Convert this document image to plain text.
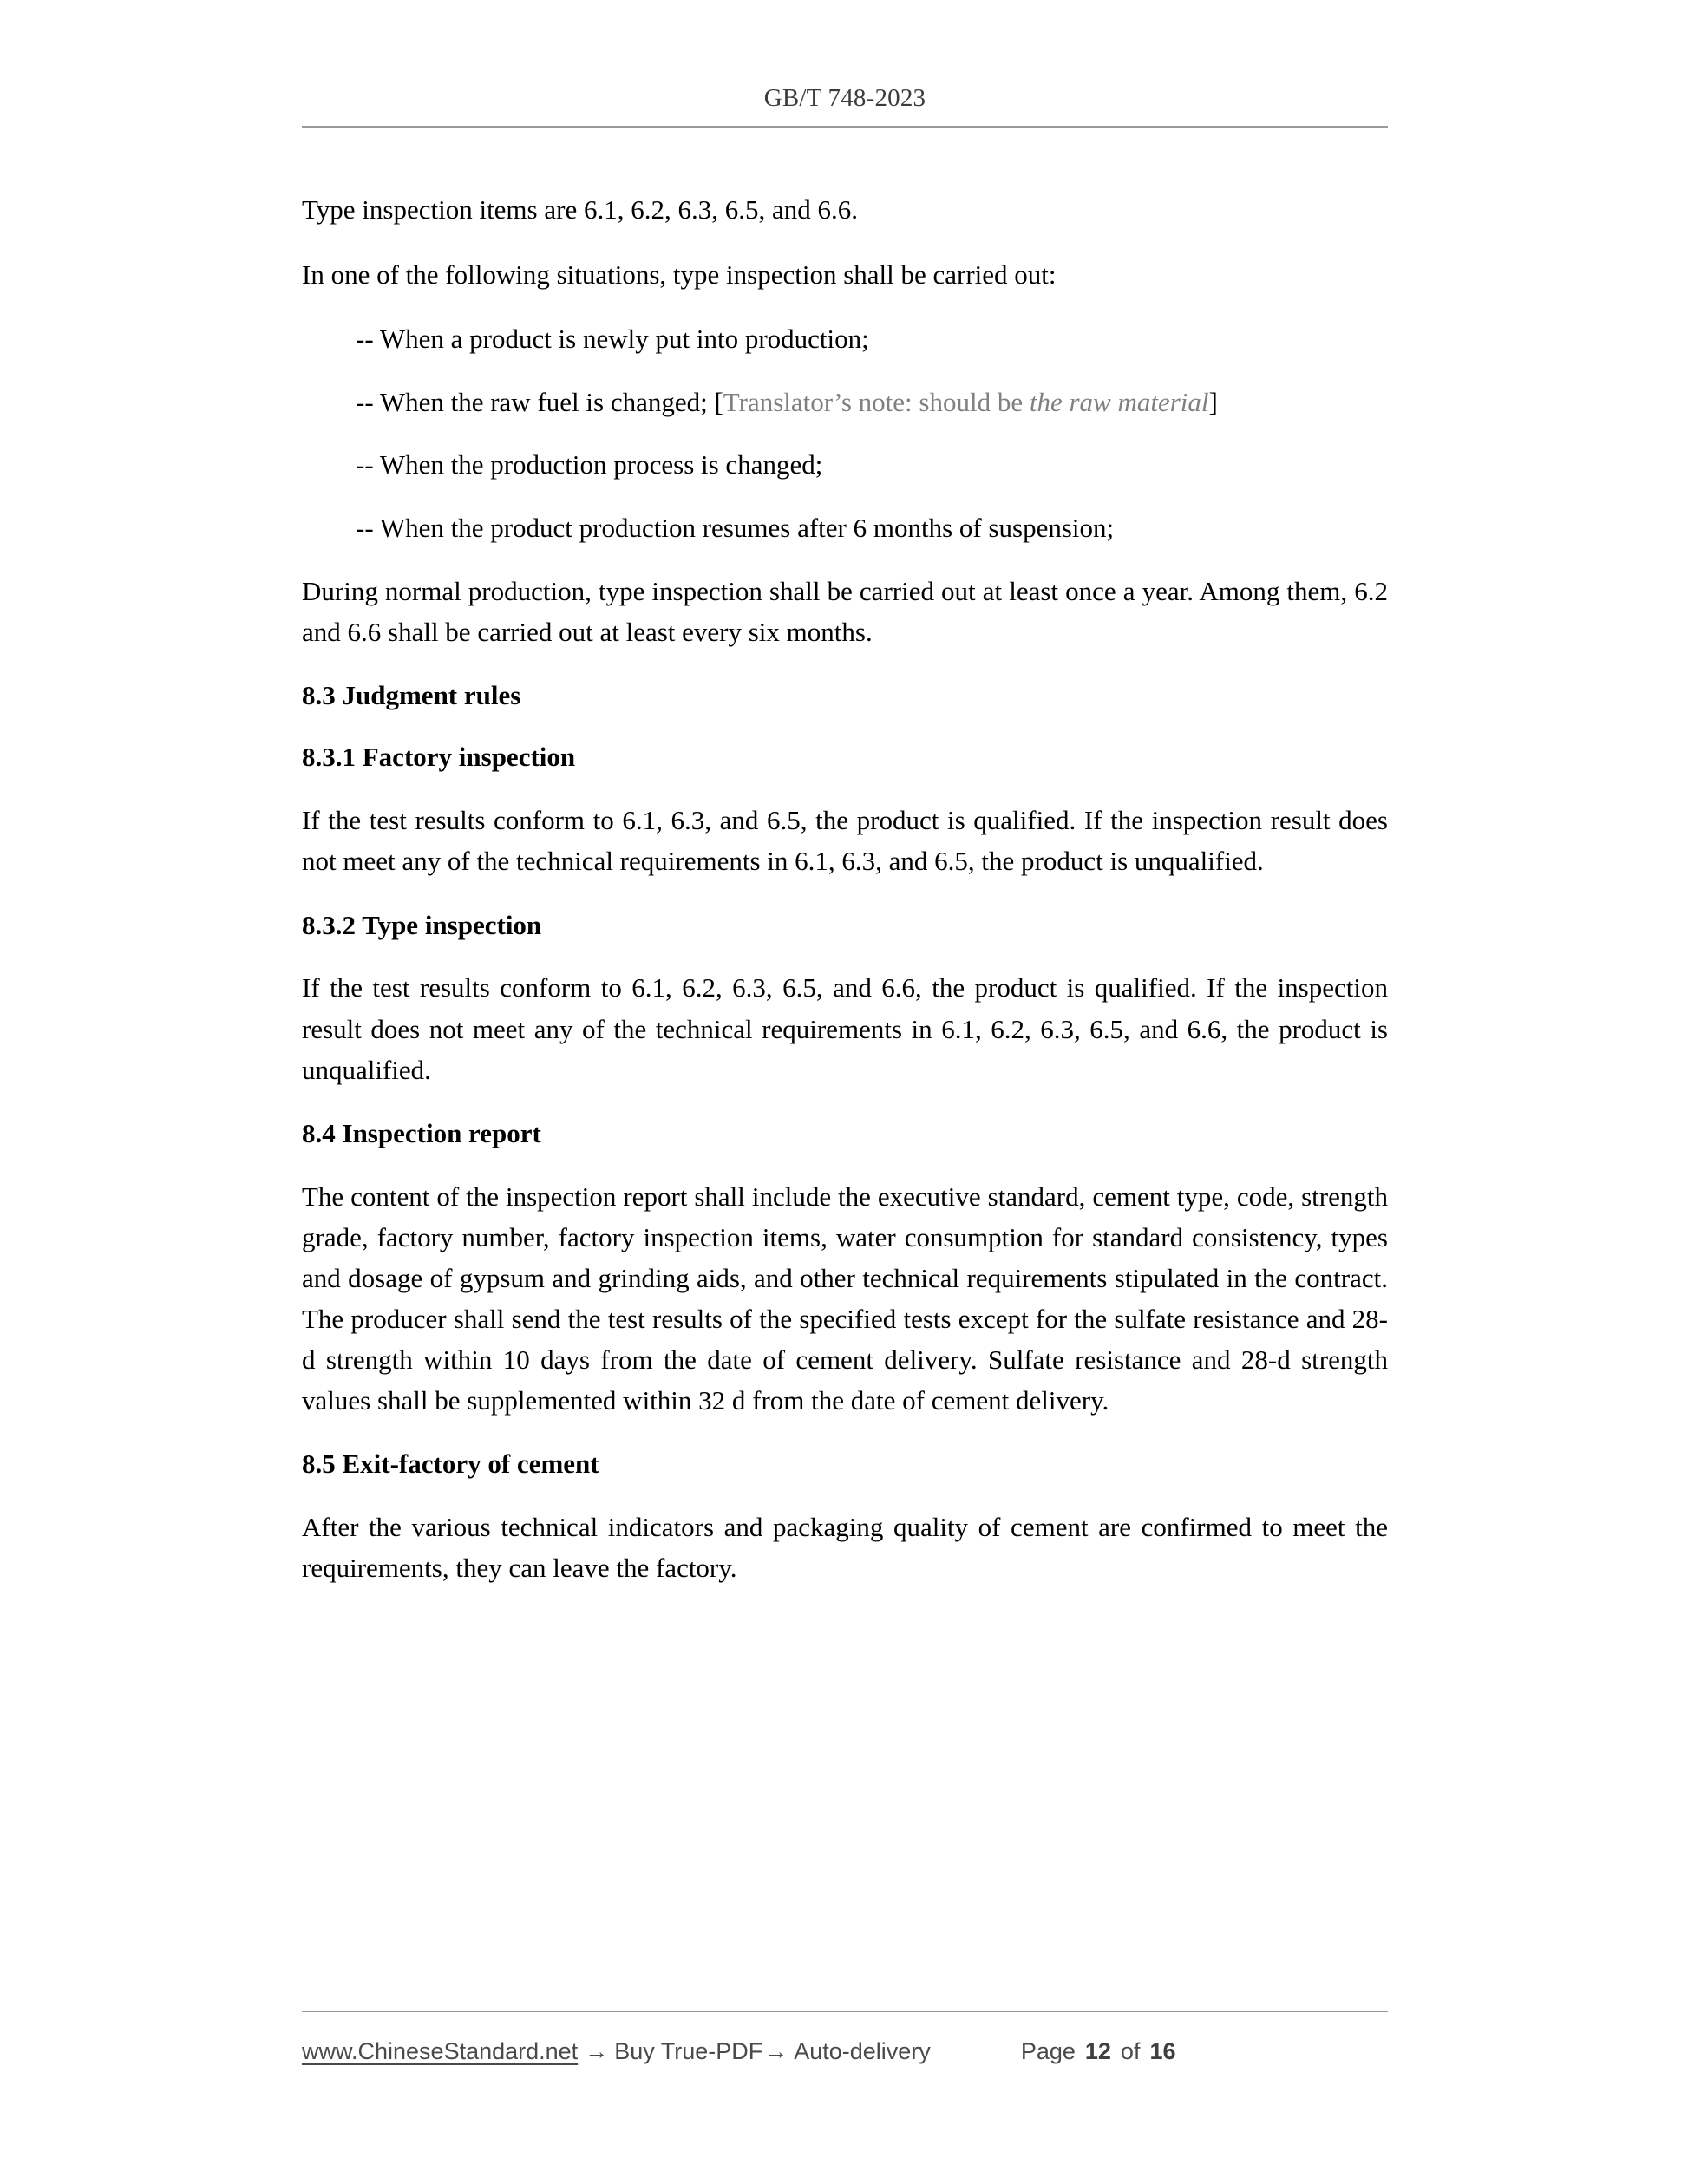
GB/T 748-2023

Type inspection items are 6.1, 6.2, 6.3, 6.5, and 6.6.

In one of the following situations, type inspection shall be carried out:

-- When a product is newly put into production;

-- When the raw fuel is changed; [Translator’s note: should be the raw material]

-- When the production process is changed;

-- When the product production resumes after 6 months of suspension;

During normal production, type inspection shall be carried out at least once a year. Among them, 6.2 and 6.6 shall be carried out at least every six months.

8.3 Judgment rules
8.3.1 Factory inspection

If the test results conform to 6.1, 6.3, and 6.5, the product is qualified. If the inspection result does not meet any of the technical requirements in 6.1, 6.3, and 6.5, the product is unqualified.

8.3.2 Type inspection

If the test results conform to 6.1, 6.2, 6.3, 6.5, and 6.6, the product is qualified. If the inspection result does not meet any of the technical requirements in 6.1, 6.2, 6.3, 6.5, and 6.6, the product is unqualified.

8.4 Inspection report

The content of the inspection report shall include the executive standard, cement type, code, strength grade, factory number, factory inspection items, water consumption for standard consistency, types and dosage of gypsum and grinding aids, and other technical requirements stipulated in the contract. The producer shall send the test results of the specified tests except for the sulfate resistance and 28-d strength within 10 days from the date of cement delivery. Sulfate resistance and 28-d strength values shall be supplemented within 32 d from the date of cement delivery.

8.5 Exit-factory of cement

After the various technical indicators and packaging quality of cement are confirmed to meet the requirements, they can leave the factory.

www.ChineseStandard.net → Buy True-PDF → Auto-delivery	Page 12 of 16
